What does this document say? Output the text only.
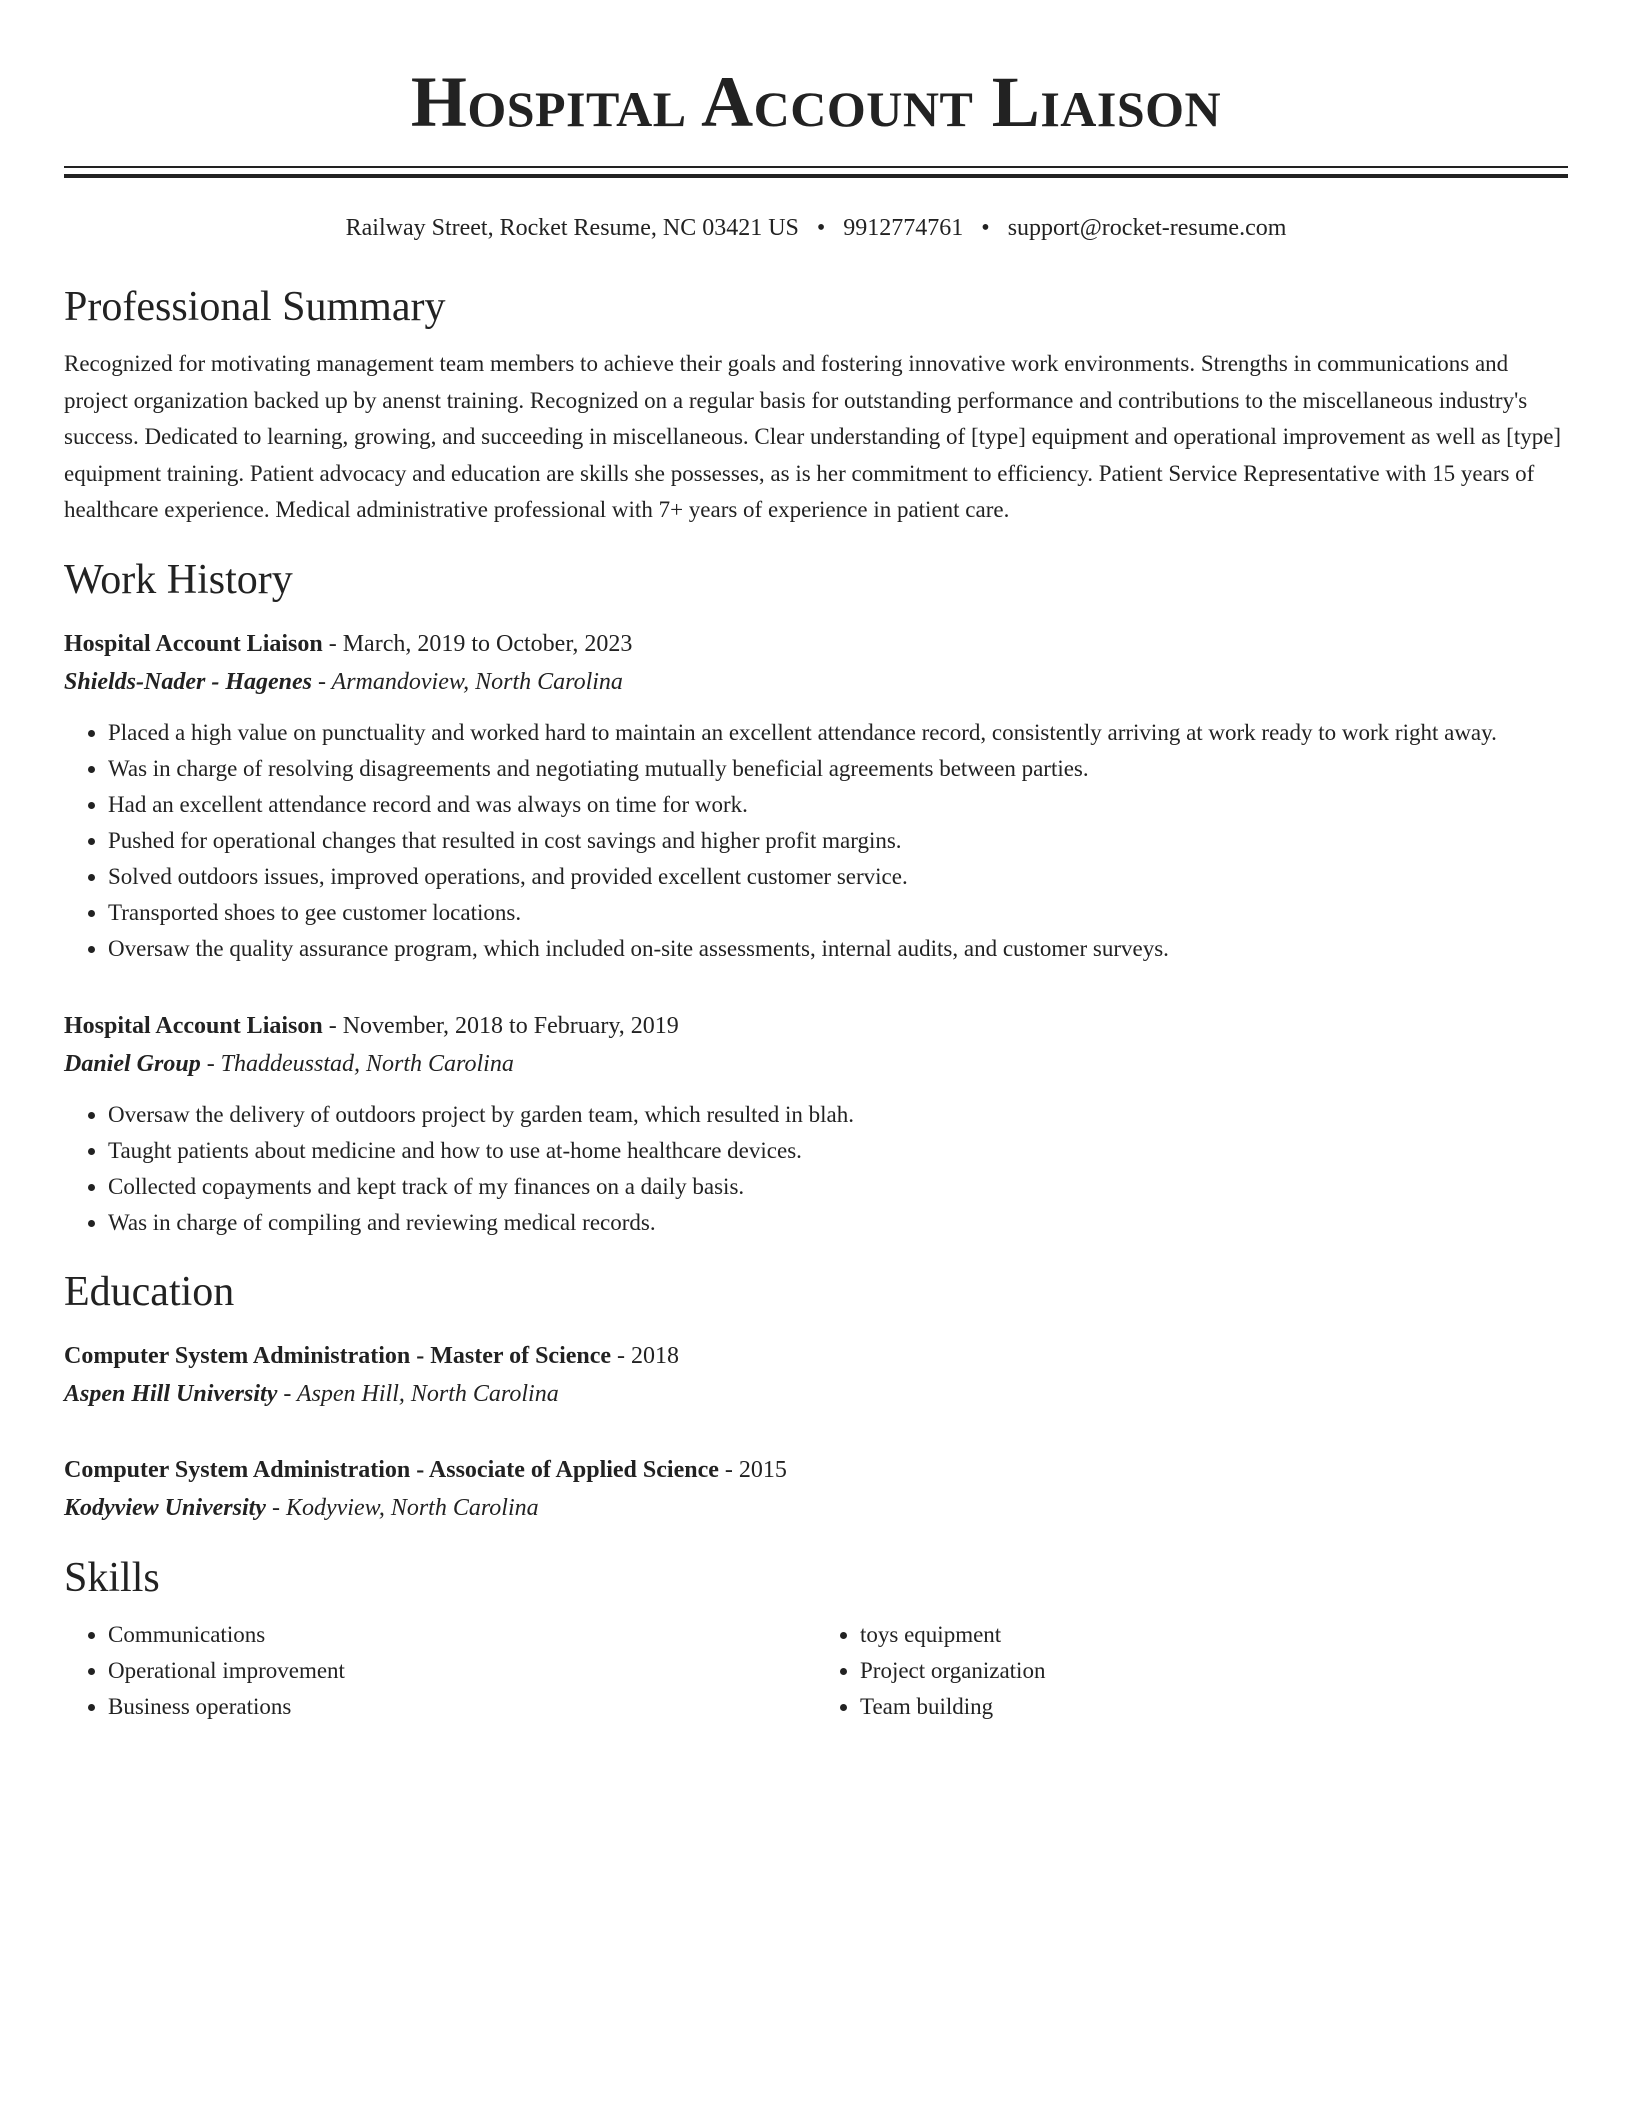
Hospital Account Liaison
Railway Street, Rocket Resume, NC 03421 US • 9912774761 • support@rocket-resume.com
Professional Summary

Recognized for motivating management team members to achieve their goals and fostering innovative work environments. Strengths in communications and project organization backed up by anenst training. Recognized on a regular basis for outstanding performance and contributions to the miscellaneous industry's success. Dedicated to learning, growing, and succeeding in miscellaneous. Clear understanding of [type] equipment and operational improvement as well as [type] equipment training. Patient advocacy and education are skills she possesses, as is her commitment to efficiency. Patient Service Representative with 15 years of healthcare experience. Medical administrative professional with 7+ years of experience in patient care.

Work History
Hospital Account Liaison - March, 2019 to October, 2023
Shields-Nader - Hagenes - Armandoview, North Carolina
• Placed a high value on punctuality and worked hard to maintain an excellent attendance record, consistently arriving at work ready to work right away.
• Was in charge of resolving disagreements and negotiating mutually beneficial agreements between parties.
• Had an excellent attendance record and was always on time for work.
• Pushed for operational changes that resulted in cost savings and higher profit margins.
• Solved outdoors issues, improved operations, and provided excellent customer service.
• Transported shoes to gee customer locations.
• Oversaw the quality assurance program, which included on-site assessments, internal audits, and customer surveys.
Hospital Account Liaison - November, 2018 to February, 2019
Daniel Group - Thaddeusstad, North Carolina
• Oversaw the delivery of outdoors project by garden team, which resulted in blah.
• Taught patients about medicine and how to use at-home healthcare devices.
• Collected copayments and kept track of my finances on a daily basis.
• Was in charge of compiling and reviewing medical records.
Education
Computer System Administration - Master of Science - 2018
Aspen Hill University - Aspen Hill, North Carolina
Computer System Administration - Associate of Applied Science - 2015
Kodyview University - Kodyview, North Carolina
Skills
• Communications
• Operational improvement
• Business operations
• toys equipment
• Project organization
• Team building
